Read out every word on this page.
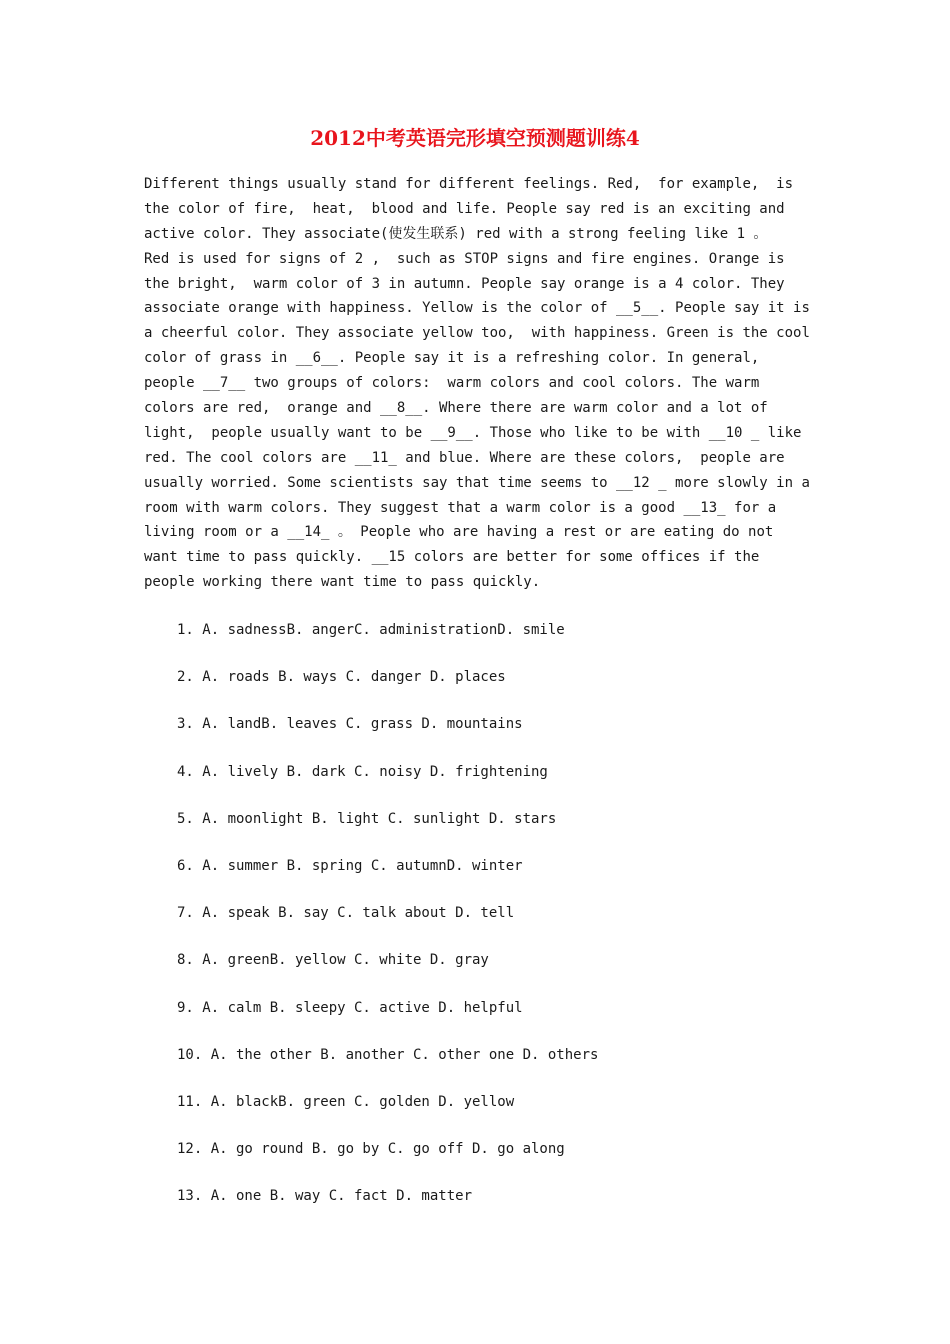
2012中考英语完形填空预测题训练4
Different things usually stand for different feelings. Red,  for example,  is
the color of fire,  heat,  blood and life. People say red is an exciting and
active color. They associate(使发生联系) red with a strong feeling like 1 。
Red is used for signs of 2 ,  such as STOP signs and fire engines. Orange is
the bright,  warm color of 3 in autumn. People say orange is a 4 color. They
associate orange with happiness. Yellow is the color of __5__. People say it is
a cheerful color. They associate yellow too,  with happiness. Green is the cool
color of grass in __6__. People say it is a refreshing color. In general,
people __7__ two groups of colors:  warm colors and cool colors. The warm
colors are red,  orange and __8__. Where there are warm color and a lot of
light,  people usually want to be __9__. Those who like to be with __10 _ like
red. The cool colors are __11_ and blue. Where are these colors,  people are
usually worried. Some scientists say that time seems to __12 _ more slowly in a
room with warm colors. They suggest that a warm color is a good __13_ for a
living room or a __14_ 。 People who are having a rest or are eating do not
want time to pass quickly. __15 colors are better for some offices if the
people working there want time to pass quickly.
1. A. sadnessB. angerC. administrationD. smile
2. A. roads B. ways C. danger D. places
3. A. landB. leaves C. grass D. mountains
4. A. lively B. dark C. noisy D. frightening
5. A. moonlight B. light C. sunlight D. stars
6. A. summer B. spring C. autumnD. winter
7. A. speak B. say C. talk about D. tell
8. A. greenB. yellow C. white D. gray
9. A. calm B. sleepy C. active D. helpful
10. A. the other B. another C. other one D. others
11. A. blackB. green C. golden D. yellow
12. A. go round B. go by C. go off D. go along
13. A. one B. way C. fact D. matter
